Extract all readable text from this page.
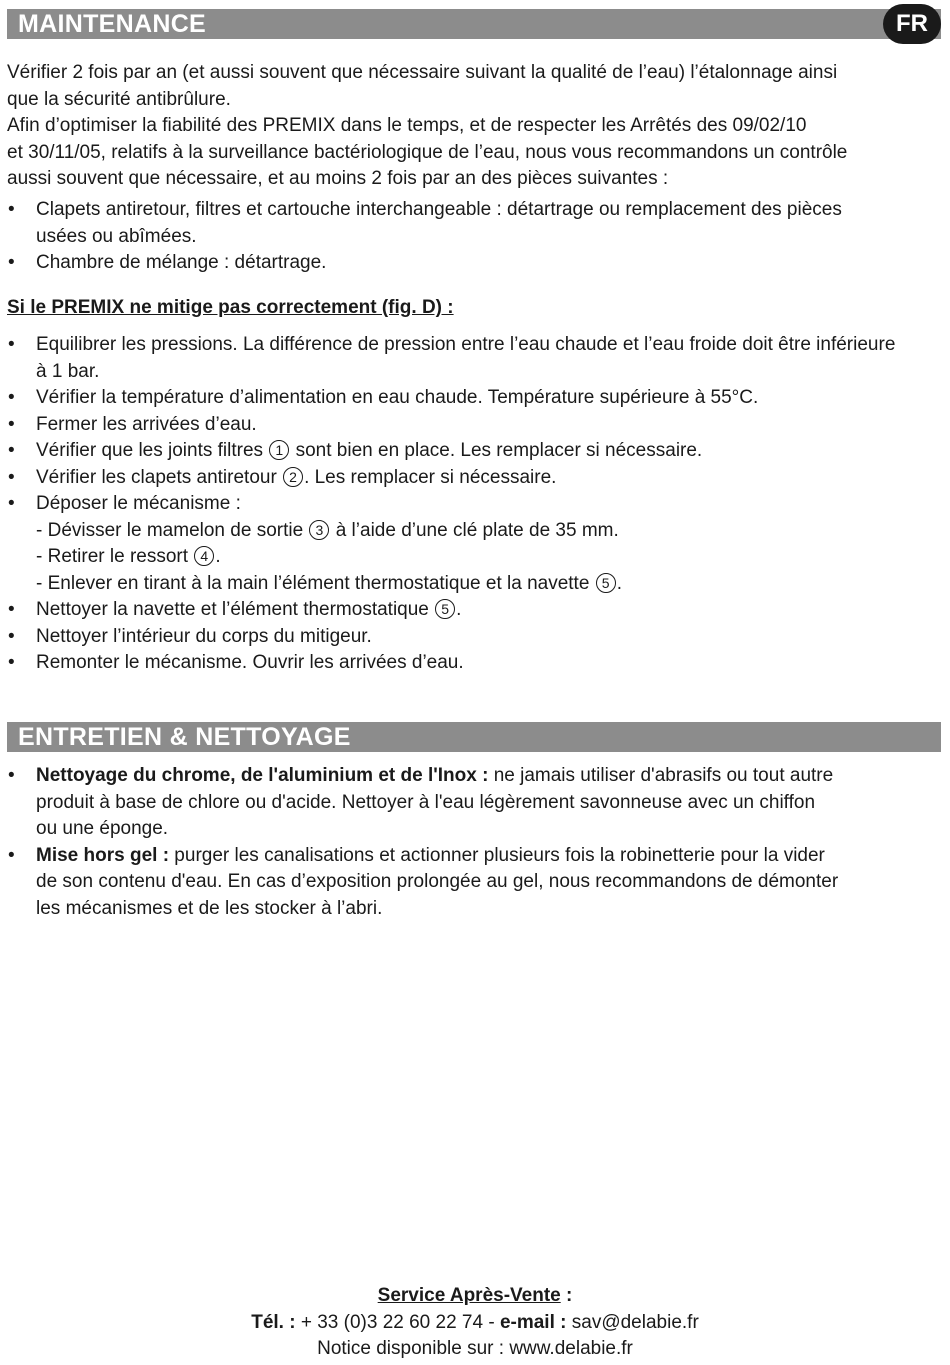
MAINTENANCE	FR

Vérifier 2 fois par an (et aussi souvent que nécessaire suivant la qualité de l’eau) l’étalonnage ainsi

que la sécurité antibrûlure.

Afin d’optimiser la fiabilité des PREMIX dans le temps, et de respecter les Arrêtés des 09/02/10

et 30/11/05, relatifs à la surveillance bactériologique de l’eau, nous vous recommandons un contrôle

aussi souvent que nécessaire, et au moins 2 fois par an des pièces suivantes :

• Clapets antiretour, filtres et cartouche interchangeable : détartrage ou remplacement des pièces
usées ou abîmées.
• Chambre de mélange : détartrage.
Si le PREMIX ne mitige pas correctement (fig. D) :
• Equilibrer les pressions. La différence de pression entre l’eau chaude et l’eau froide doit être inférieure
à 1 bar.
• Vérifier la température d’alimentation en eau chaude. Température supérieure à 55°C.
• Fermer les arrivées d’eau.
• Vérifier que les joints filtres 1 sont bien en place. Les remplacer si nécessaire.
• Vérifier les clapets antiretour 2 . Les remplacer si nécessaire.
• Déposer le mécanisme :
- Dévisser le mamelon de sortie 3 à l’aide d’une clé plate de 35 mm.
- Retirer le ressort 4 .
- Enlever en tirant à la main l’élément thermostatique et la navette 5 .
• Nettoyer la navette et l’élément thermostatique 5 .
• Nettoyer l’intérieur du corps du mitigeur.
• Remonter le mécanisme. Ouvrir les arrivées d’eau.
ENTRETIEN & NETTOYAGE
• Nettoyage du chrome, de l'aluminium et de l'Inox : ne jamais utiliser d'abrasifs ou tout autre
produit à base de chlore ou d'acide. Nettoyer à l'eau légèrement savonneuse avec un chiffon
ou une éponge.
• Mise hors gel : purger les canalisations et actionner plusieurs fois la robinetterie pour la vider
de son contenu d'eau. En cas d’exposition prolongée au gel, nous recommandons de démonter
les mécanismes et de les stocker à l’abri.
Service Après-Vente :
Tél. : + 33 (0)3 22 60 22 74 - e-mail : sav@delabie.fr
Notice disponible sur : www.delabie.fr
